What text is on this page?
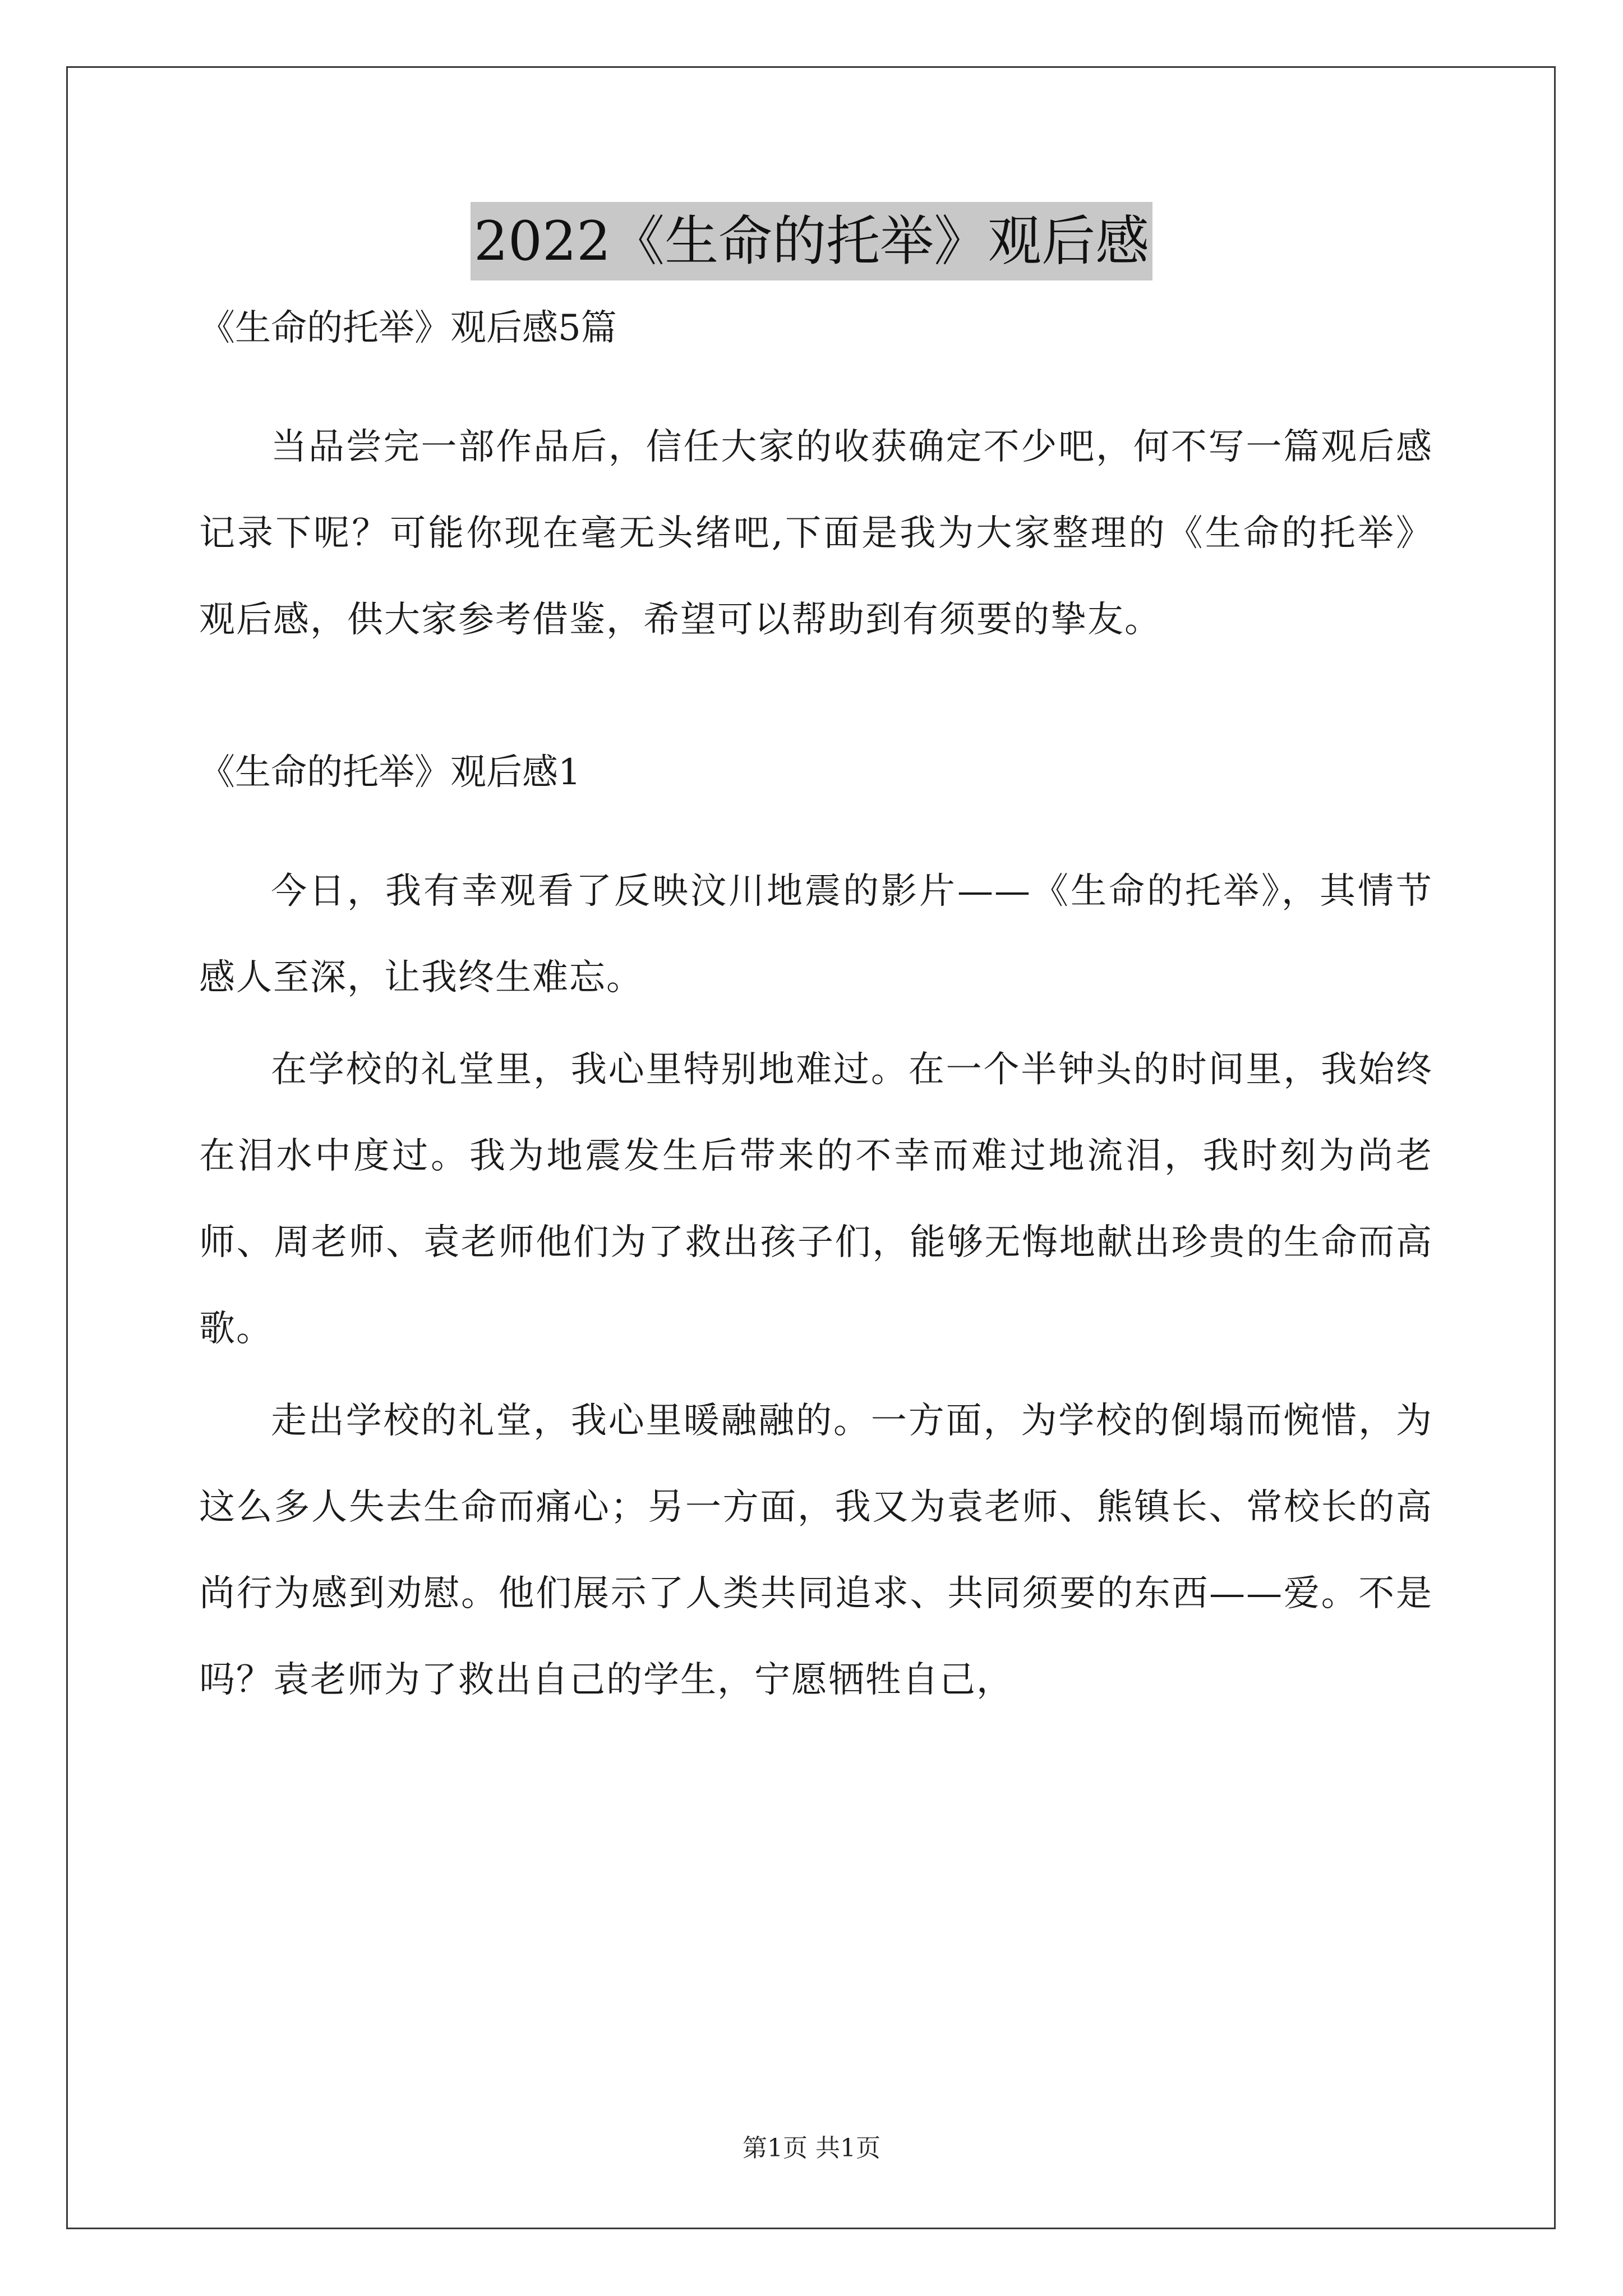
2022《生命的托举》观后感

《生命的托举》观后感5篇

当品尝完一部作品后，信任大家的收获确定不少吧，何不写一篇观后感记录下呢？可能你现在毫无头绪吧,下面是我为大家整理的《生命的托举》观后感，供大家参考借鉴，希望可以帮助到有须要的挚友。

《生命的托举》观后感1

今日，我有幸观看了反映汶川地震的影片——《生命的托举》，其情节感人至深，让我终生难忘。

在学校的礼堂里，我心里特别地难过。在一个半钟头的时间里，我始终在泪水中度过。我为地震发生后带来的不幸而难过地流泪，我时刻为尚老师、周老师、袁老师他们为了救出孩子们，能够无悔地献出珍贵的生命而高歌。

走出学校的礼堂，我心里暖融融的。一方面，为学校的倒塌而惋惜，为这么多人失去生命而痛心；另一方面，我又为袁老师、熊镇长、常校长的高尚行为感到劝慰。他们展示了人类共同追求、共同须要的东西——爱。不是吗？袁老师为了救出自己的学生，宁愿牺牲自己，

第1页 共1页
